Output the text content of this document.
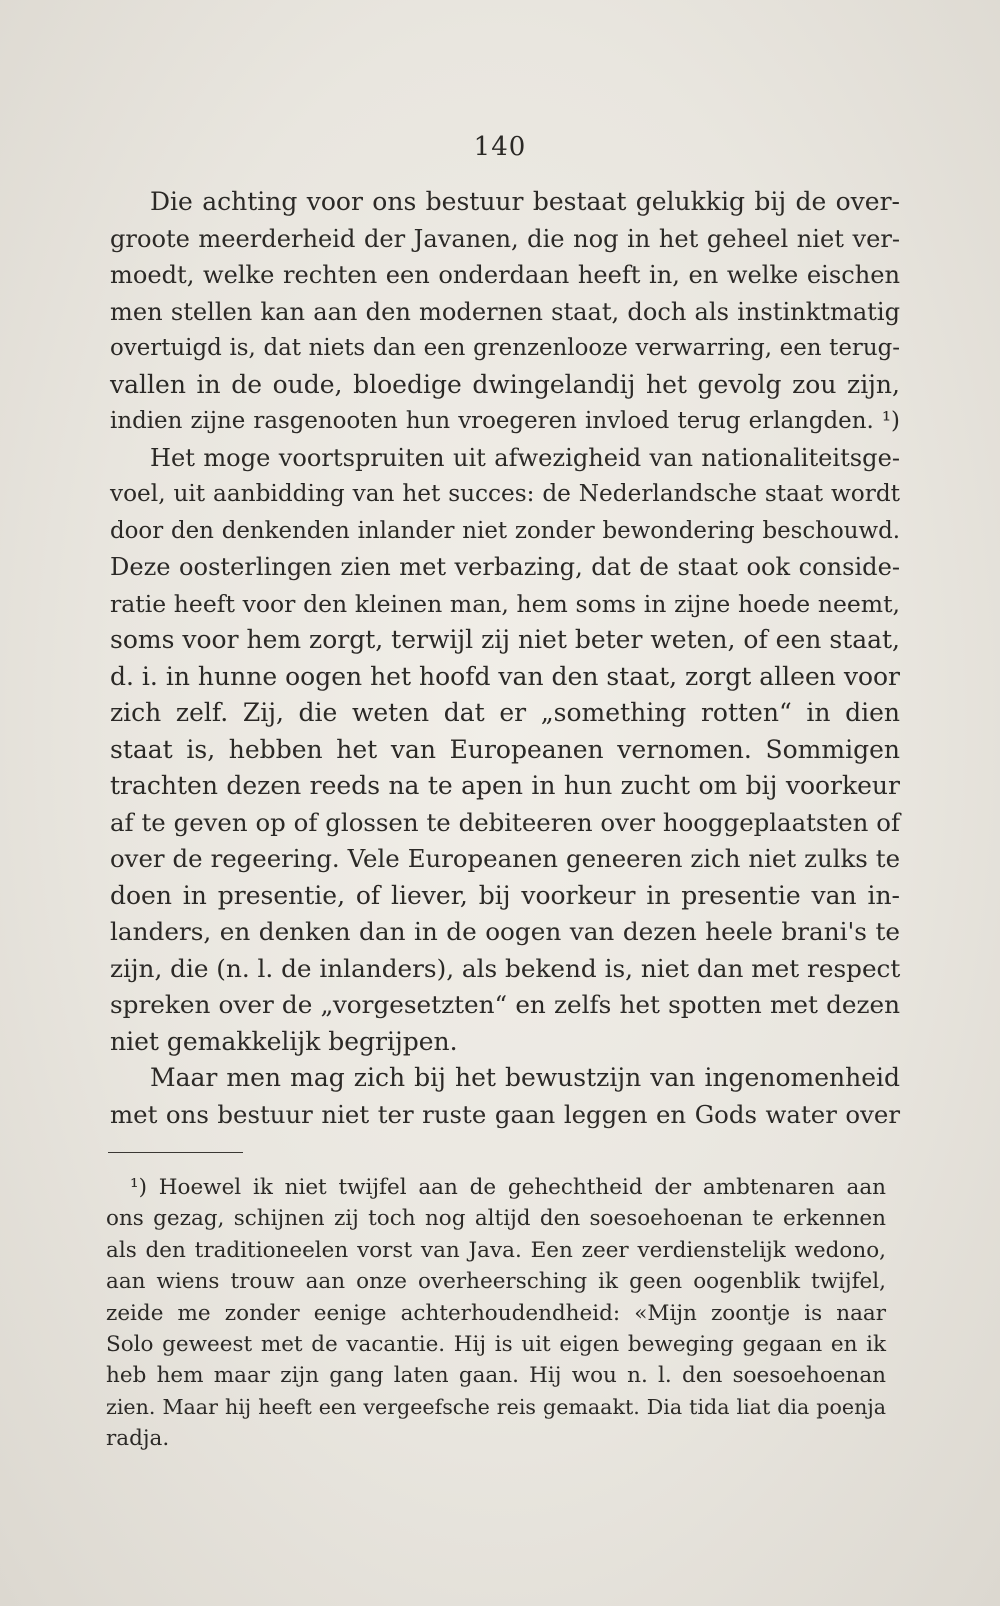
140
Die achting voor ons bestuur bestaat gelukkig bij de over-
groote meerderheid der Javanen, die nog in het geheel niet ver-
moedt, welke rechten een onderdaan heeft in, en welke eischen
men stellen kan aan den modernen staat, doch als instinktmatig
overtuigd is, dat niets dan een grenzenlooze verwarring, een terug-
vallen in de oude, bloedige dwingelandij het gevolg zou zijn,
indien zijne rasgenooten hun vroegeren invloed terug erlangden. ¹)
Het moge voortspruiten uit afwezigheid van nationaliteitsge-
voel, uit aanbidding van het succes: de Nederlandsche staat wordt
door den denkenden inlander niet zonder bewondering beschouwd.
Deze oosterlingen zien met verbazing, dat de staat ook conside-
ratie heeft voor den kleinen man, hem soms in zijne hoede neemt,
soms voor hem zorgt, terwijl zij niet beter weten, of een staat,
d. i. in hunne oogen het hoofd van den staat, zorgt alleen voor
zich zelf. Zij, die weten dat er „something rotten“ in dien
staat is, hebben het van Europeanen vernomen. Sommigen
trachten dezen reeds na te apen in hun zucht om bij voorkeur
af te geven op of glossen te debiteeren over hooggeplaatsten of
over de regeering. Vele Europeanen geneeren zich niet zulks te
doen in presentie, of liever, bij voorkeur in presentie van in-
landers, en denken dan in de oogen van dezen heele brani's te
zijn, die (n. l. de inlanders), als bekend is, niet dan met respect
spreken over de „vorgesetzten“ en zelfs het spotten met dezen
niet gemakkelijk begrijpen.
Maar men mag zich bij het bewustzijn van ingenomenheid
met ons bestuur niet ter ruste gaan leggen en Gods water over
¹) Hoewel ik niet twijfel aan de gehechtheid der ambtenaren aan
ons gezag, schijnen zij toch nog altijd den soesoehoenan te erkennen
als den traditioneelen vorst van Java. Een zeer verdienstelijk wedono,
aan wiens trouw aan onze overheersching ik geen oogenblik twijfel,
zeide me zonder eenige achterhoudendheid: «Mijn zoontje is naar
Solo geweest met de vacantie. Hij is uit eigen beweging gegaan en ik
heb hem maar zijn gang laten gaan. Hij wou n. l. den soesoehoenan
zien. Maar hij heeft een vergeefsche reis gemaakt. Dia tida liat dia poenja
radja.
